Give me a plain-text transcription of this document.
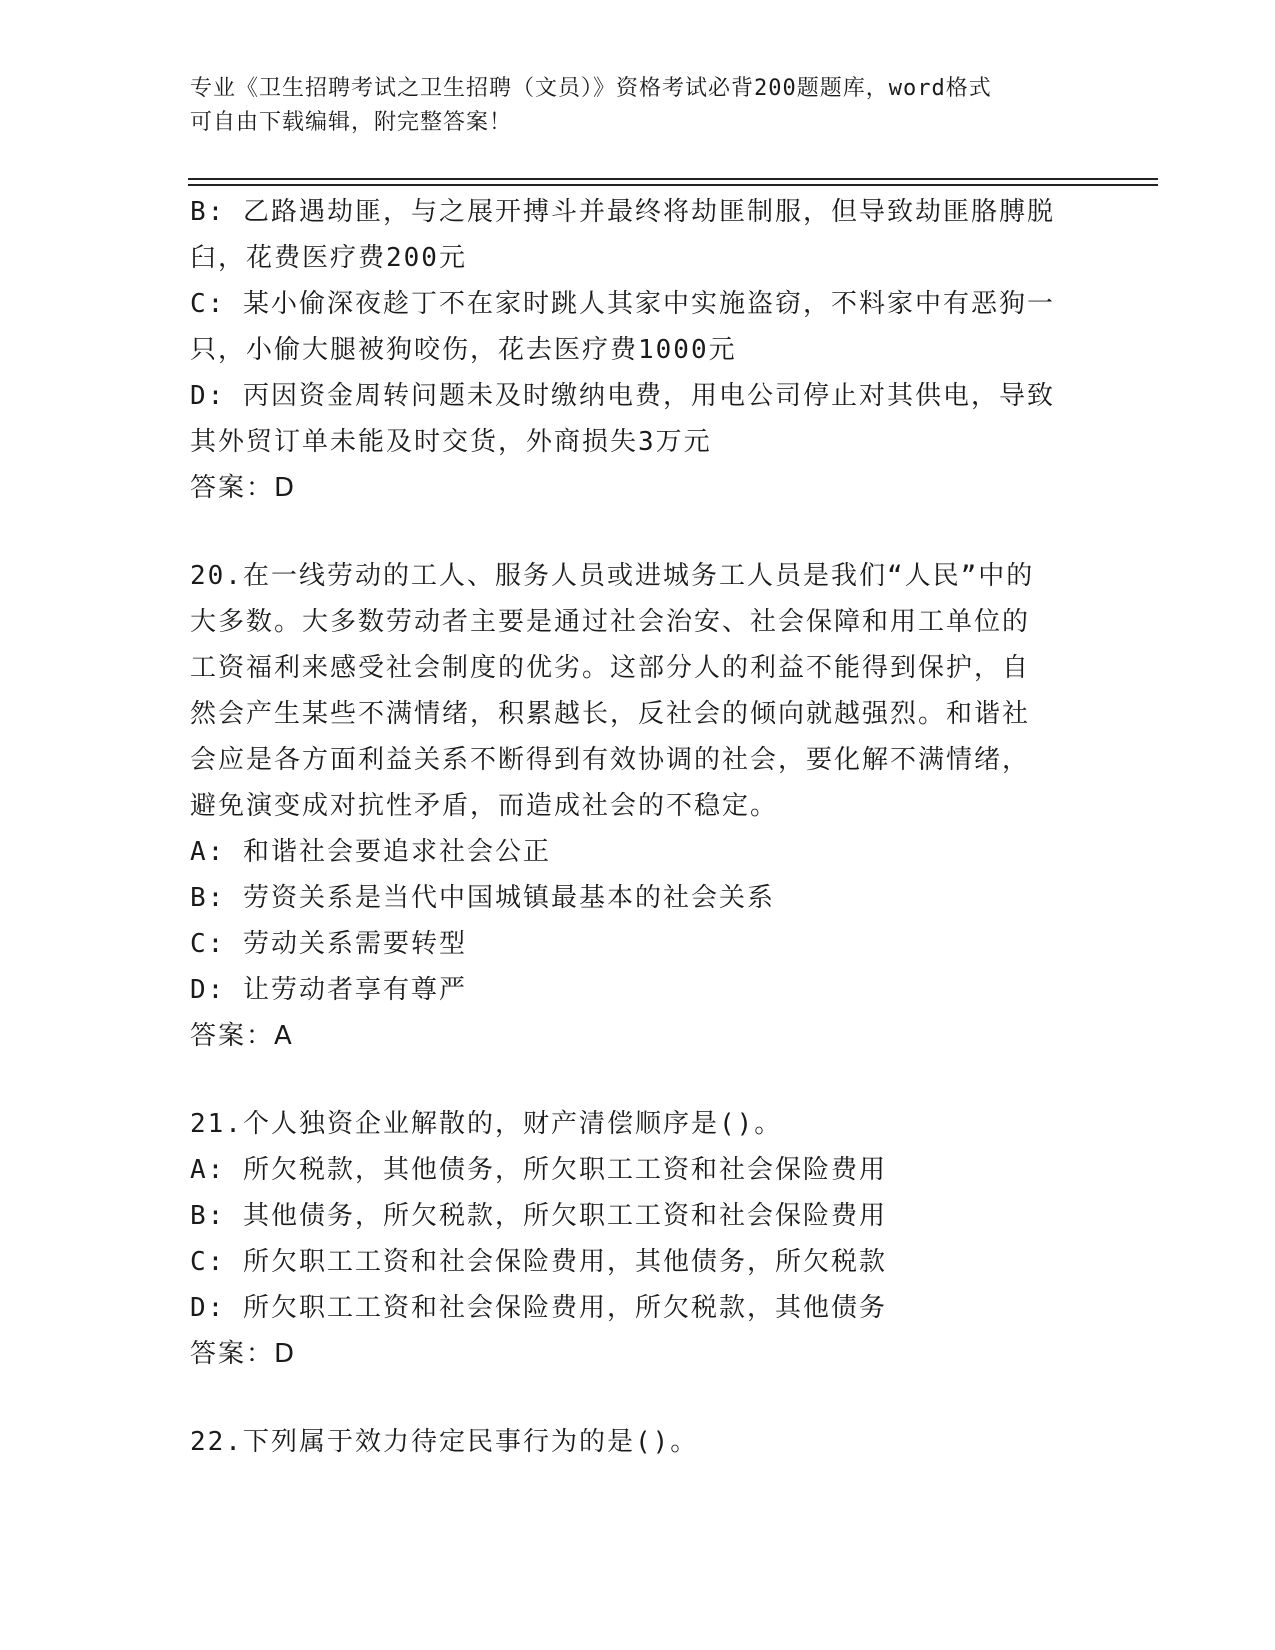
专业《卫生招聘考试之卫生招聘（文员）》资格考试必背200题题库，word格式
可自由下载编辑，附完整答案！
B: 乙路遇劫匪，与之展开搏斗并最终将劫匪制服，但导致劫匪胳膊脱
臼，花费医疗费200元
C: 某小偷深夜趁丁不在家时跳人其家中实施盗窃，不料家中有恶狗一
只，小偷大腿被狗咬伤，花去医疗费1000元
D: 丙因资金周转问题未及时缴纳电费，用电公司停止对其供电，导致
其外贸订单未能及时交货，外商损失3万元
答案：D
20.在一线劳动的工人、服务人员或进城务工人员是我们“人民”中的
大多数。大多数劳动者主要是通过社会治安、社会保障和用工单位的
工资福利来感受社会制度的优劣。这部分人的利益不能得到保护，自
然会产生某些不满情绪，积累越长，反社会的倾向就越强烈。和谐社
会应是各方面利益关系不断得到有效协调的社会，要化解不满情绪，
避免演变成对抗性矛盾，而造成社会的不稳定。
A: 和谐社会要追求社会公正
B: 劳资关系是当代中国城镇最基本的社会关系
C: 劳动关系需要转型
D: 让劳动者享有尊严
答案：A
21.个人独资企业解散的，财产清偿顺序是()。
A: 所欠税款，其他债务，所欠职工工资和社会保险费用
B: 其他债务，所欠税款，所欠职工工资和社会保险费用
C: 所欠职工工资和社会保险费用，其他债务，所欠税款
D: 所欠职工工资和社会保险费用，所欠税款，其他债务
答案：D
22.下列属于效力待定民事行为的是()。
